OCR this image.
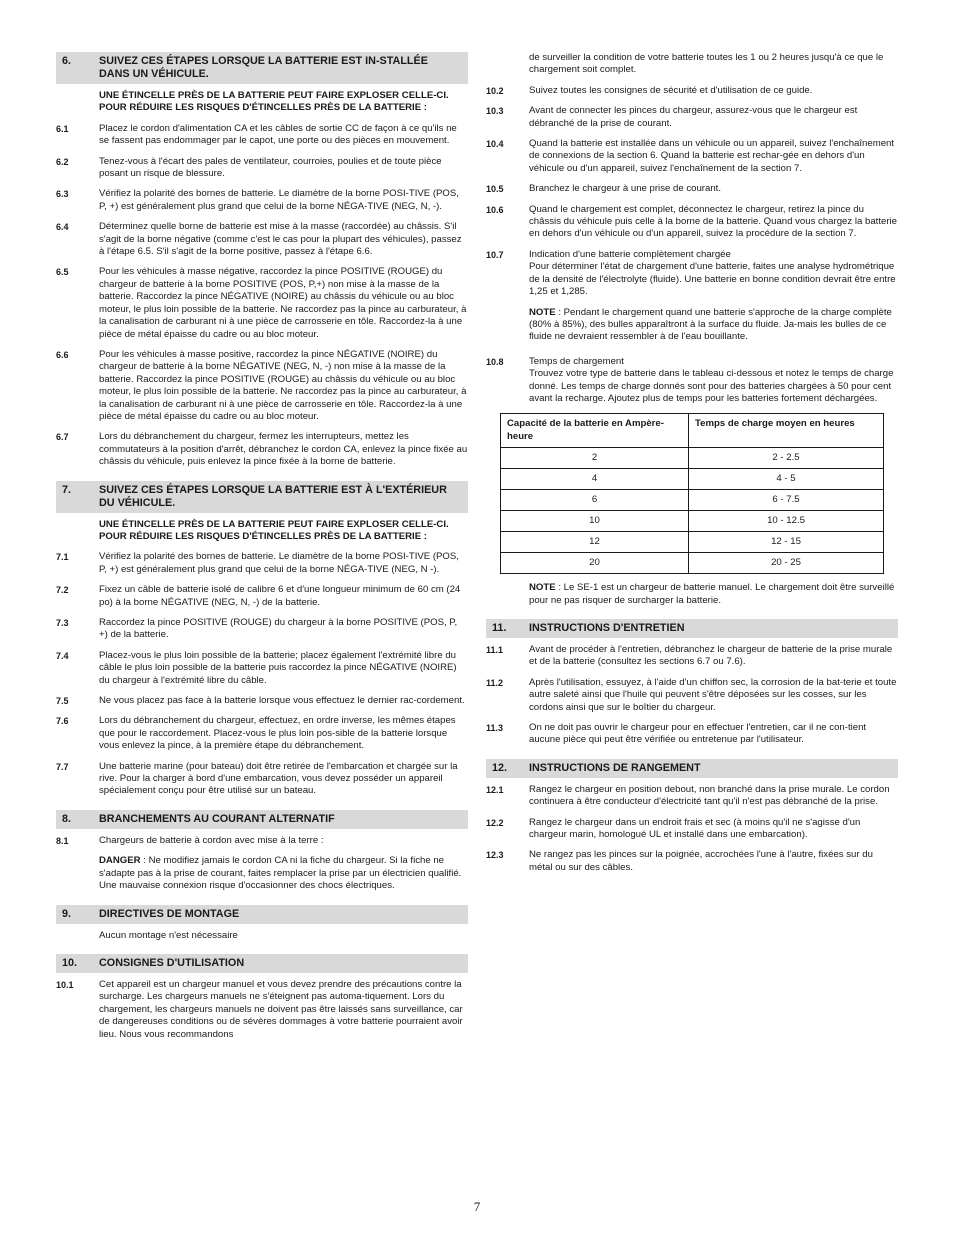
6.	SUIVEZ CES ÉTAPES LORSQUE LA BATTERIE EST IN-STALLÉE DANS UN VÉHICULE.
UNE ÉTINCELLE PRÈS DE LA BATTERIE PEUT FAIRE EXPLOSER CELLE-CI. POUR RÉDUIRE LES RISQUES D'ÉTINCELLES PRÈS DE LA BATTERIE :
6.1	Placez le cordon d'alimentation CA et les câbles de sortie CC de façon à ce qu'ils ne se fassent pas endommager par le capot, une porte ou des pièces en mouvement.
6.2	Tenez-vous à l'écart des pales de ventilateur, courroies, poulies et de toute pièce posant un risque de blessure.
6.3	Vérifiez la polarité des bornes de batterie. Le diamètre de la borne POSI-TIVE (POS, P, +) est généralement plus grand que celui de la borne NÉGA-TIVE (NEG, N, -).
6.4	Déterminez quelle borne de batterie est mise à la masse (raccordée) au châssis. S'il s'agit de la borne négative (comme c'est le cas pour la plupart des véhicules), passez à l'étape 6.5. S'il s'agit de la borne positive, passez à l'étape 6.6.
6.5	Pour les véhicules à masse négative, raccordez la pince POSITIVE (ROUGE) du chargeur de batterie à la borne POSITIVE (POS, P,+) non mise à la masse de la batterie. Raccordez la pince NÉGATIVE (NOIRE) au châssis du véhicule ou au bloc moteur, le plus loin possible de la batterie. Ne raccordez pas la pince au carburateur, à la canalisation de carburant ni à une pièce de carrosserie en tôle. Raccordez-la à une pièce de métal épaisse du cadre ou au bloc moteur.
6.6	Pour les véhicules à masse positive, raccordez la pince NÉGATIVE (NOIRE) du chargeur de batterie à la borne NÉGATIVE (NEG, N, -) non mise à la masse de la batterie. Raccordez la pince POSITIVE (ROUGE) au châssis du véhicule ou au bloc moteur, le plus loin possible de la batterie. Ne raccordez pas la pince au carburateur, à la canalisation de carburant ni à une pièce de carrosserie en tôle. Raccordez-la à une pièce de métal épaisse du cadre ou au bloc moteur.
6.7	Lors du débranchement du chargeur, fermez les interrupteurs, mettez les commutateurs à la position d'arrêt, débranchez le cordon CA, enlevez la pince fixée au châssis du véhicule, puis enlevez la pince fixée à la borne de batterie.
7.	SUIVEZ CES ÉTAPES LORSQUE LA BATTERIE EST À L'EXTÉRIEUR DU VÉHICULE.
UNE ÉTINCELLE PRÈS DE LA BATTERIE PEUT FAIRE EXPLOSER CELLE-CI. POUR RÉDUIRE LES RISQUES D'ÉTINCELLES PRÈS DE LA BATTERIE :
7.1	Vérifiez la polarité des bornes de batterie. Le diamètre de la borne POSI-TIVE (POS, P, +) est généralement plus grand que celui de la borne NÉGA-TIVE (NEG, N -).
7.2	Fixez un câble de batterie isolé de calibre 6 et d'une longueur minimum de 60 cm (24 po) à la borne NÉGATIVE (NEG, N, -) de la batterie.
7.3	Raccordez la pince POSITIVE (ROUGE) du chargeur à la borne POSITIVE (POS, P, +) de la batterie.
7.4	Placez-vous le plus loin possible de la batterie; placez également l'extrémité libre du câble le plus loin possible de la batterie puis raccordez la pince NÉGATIVE (NOIRE) du chargeur à l'extrémité libre du câble.
7.5	Ne vous placez pas face à la batterie lorsque vous effectuez le dernier rac-cordement.
7.6	Lors du débranchement du chargeur, effectuez, en ordre inverse, les mêmes étapes que pour le raccordement. Placez-vous le plus loin pos-sible de la batterie lorsque vous enlevez la pince, à la première étape du débranchement.
7.7	Une batterie marine (pour bateau) doit être retirée de l'embarcation et chargée sur la rive. Pour la charger à bord d'une embarcation, vous devez posséder un appareil spécialement conçu pour être utilisé sur un bateau.
8.	BRANCHEMENTS AU COURANT ALTERNATIF
8.1	Chargeurs de batterie à cordon avec mise à la terre :
DANGER : Ne modifiez jamais le cordon CA ni la fiche du chargeur. Si la fiche ne s'adapte pas à la prise de courant, faites remplacer la prise par un électricien qualifié. Une mauvaise connexion risque d'occasionner des chocs électriques.
9.	DIRECTIVES DE MONTAGE
Aucun montage n'est nécessaire
10.	CONSIGNES D'UTILISATION
10.1	Cet appareil est un chargeur manuel et vous devez prendre des précautions contre la surcharge. Les chargeurs manuels ne s'éteignent pas automa-tiquement. Lors du chargement, les chargeurs manuels ne doivent pas être laissés sans surveillance, car de dangereuses conditions ou de sévères dommages à votre batterie pourraient avoir lieu. Nous vous recommandons
de surveiller la condition de votre batterie toutes les 1 ou 2 heures jusqu'à ce que le chargement soit complet.
10.2	Suivez toutes les consignes de sécurité et d'utilisation de ce guide.
10.3	Avant de connecter les pinces du chargeur, assurez-vous que le chargeur est débranché de la prise de courant.
10.4	Quand la batterie est installée dans un véhicule ou un appareil, suivez l'enchaînement de connexions de la section 6. Quand la batterie est rechar-gée en dehors d'un véhicule ou d'un appareil, suivez l'enchaînement de la section 7.
10.5	Branchez le chargeur à une prise de courant.
10.6	Quand le chargement est complet, déconnectez le chargeur, retirez la pince du châssis du véhicule puis celle à la borne de la batterie. Quand vous chargez la batterie en dehors d'un véhicule ou d'un appareil, suivez la procédure de la section 7.
10.7	Indication d'une batterie complètement chargée
Pour déterminer l'état de chargement d'une batterie, faites une analyse hydrométrique de la densité de l'électrolyte (fluide). Une batterie en bonne condition devrait être entre 1,25 et 1,285.
NOTE : Pendant le chargement quand une batterie s'approche de la charge complète (80% à 85%), des bulles apparaîtront à la surface du fluide. Ja-mais les bulles de ce fluide ne devraient ressembler à de l'eau bouillante.
10.8	Temps de chargement
Trouvez votre type de batterie dans le tableau ci-dessous et notez le temps de charge donné. Les temps de charge donnés sont pour des batteries chargées à 50 pour cent avant la recharge. Ajoutez plus de temps pour les batteries fortement déchargées.
Capacité de la batterie en Ampère-heure	Temps de charge moyen en heures
2	2 - 2.5
4	4 - 5
6	6 - 7.5
10	10 - 12.5
12	12 - 15
20	20 - 25
NOTE : Le SE-1 est un chargeur de batterie manuel. Le chargement doit être surveillé pour ne pas risquer de surcharger la batterie.
11.	INSTRUCTIONS D'ENTRETIEN
11.1	Avant de procéder à l'entretien, débranchez le chargeur de batterie de la prise murale et de la batterie (consultez les sections 6.7 ou 7.6).
11.2	Après l'utilisation, essuyez, à l'aide d'un chiffon sec, la corrosion de la bat-terie et toute autre saleté ainsi que l'huile qui peuvent s'être déposées sur les cosses, sur les cordons ainsi que sur le boîtier du chargeur.
11.3	On ne doit pas ouvrir le chargeur pour en effectuer l'entretien, car il ne con-tient aucune pièce qui peut être vérifiée ou entretenue par l'utilisateur.
12.	INSTRUCTIONS DE RANGEMENT
12.1	Rangez le chargeur en position debout, non branché dans la prise murale. Le cordon continuera à être conducteur d'électricité tant qu'il n'est pas débranché de la prise.
12.2	Rangez le chargeur dans un endroit frais et sec (à moins qu'il ne s'agisse d'un chargeur marin, homologué UL et installé dans une embarcation).
12.3	Ne rangez pas les pinces sur la poignée, accrochées l'une à l'autre, fixées sur du métal ou sur des câbles.
7
